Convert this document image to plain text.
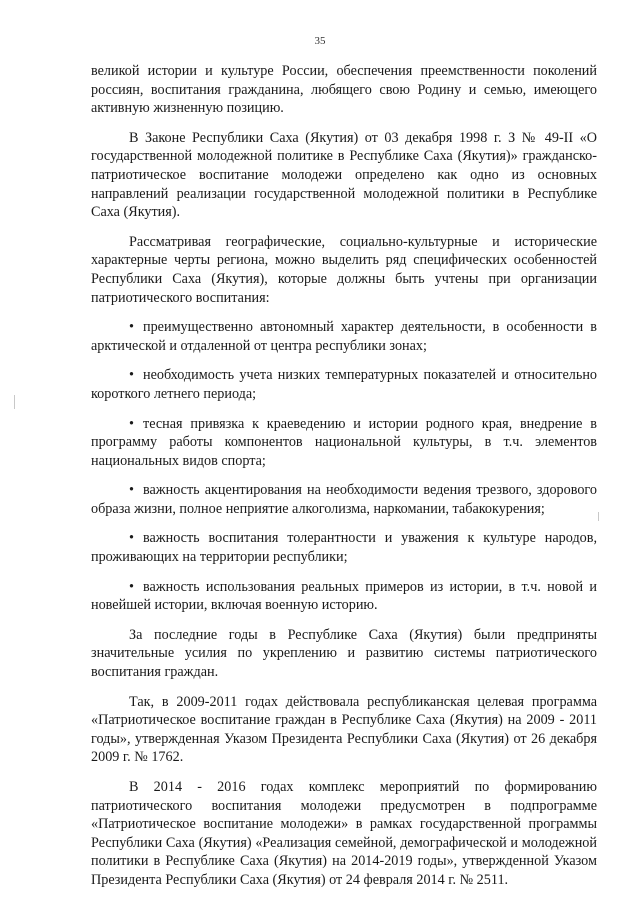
35

великой истории и культуре России, обеспечения преемственности поколений россиян, воспитания гражданина, любящего свою Родину и семью, имеющего активную жизненную позицию.

В Законе Республики Саха (Якутия) от 03 декабря 1998 г. З № 49-II «О государственной молодежной политике в Республике Саха (Якутия)» гражданско-патриотическое воспитание молодежи определено как одно из основных направлений реализации государственной молодежной политики в Республике Саха (Якутия).

Рассматривая географические, социально-культурные и исторические характерные черты региона, можно выделить ряд специфических особенностей Республики Саха (Якутия), которые должны быть учтены при организации патриотического воспитания:

• преимущественно автономный характер деятельности, в особенности в арктической и отдаленной от центра республики зонах;

• необходимость учета низких температурных показателей и относительно короткого летнего периода;

• тесная привязка к краеведению и истории родного края, внедрение в программу работы компонентов национальной культуры, в т.ч. элементов национальных видов спорта;

• важность акцентирования на необходимости ведения трезвого, здорового образа жизни, полное неприятие алкоголизма, наркомании, табакокурения;

• важность воспитания толерантности и уважения к культуре народов, проживающих на территории республики;

• важность использования реальных примеров из истории, в т.ч. новой и новейшей истории, включая военную историю.

За последние годы в Республике Саха (Якутия) были предприняты значительные усилия по укреплению и развитию системы патриотического воспитания граждан.

Так, в 2009-2011 годах действовала республиканская целевая программа «Патриотическое воспитание граждан в Республике Саха (Якутия) на 2009 - 2011 годы», утвержденная Указом Президента Республики Саха (Якутия) от 26 декабря 2009 г. № 1762.

В 2014 - 2016 годах комплекс мероприятий по формированию патриотического воспитания молодежи предусмотрен в подпрограмме «Патриотическое воспитание молодежи» в рамках государственной программы Республики Саха (Якутия) «Реализация семейной, демографической и молодежной политики в Республике Саха (Якутия) на 2014-2019 годы», утвержденной Указом Президента Республики Саха (Якутия) от 24 февраля 2014 г. № 2511.
